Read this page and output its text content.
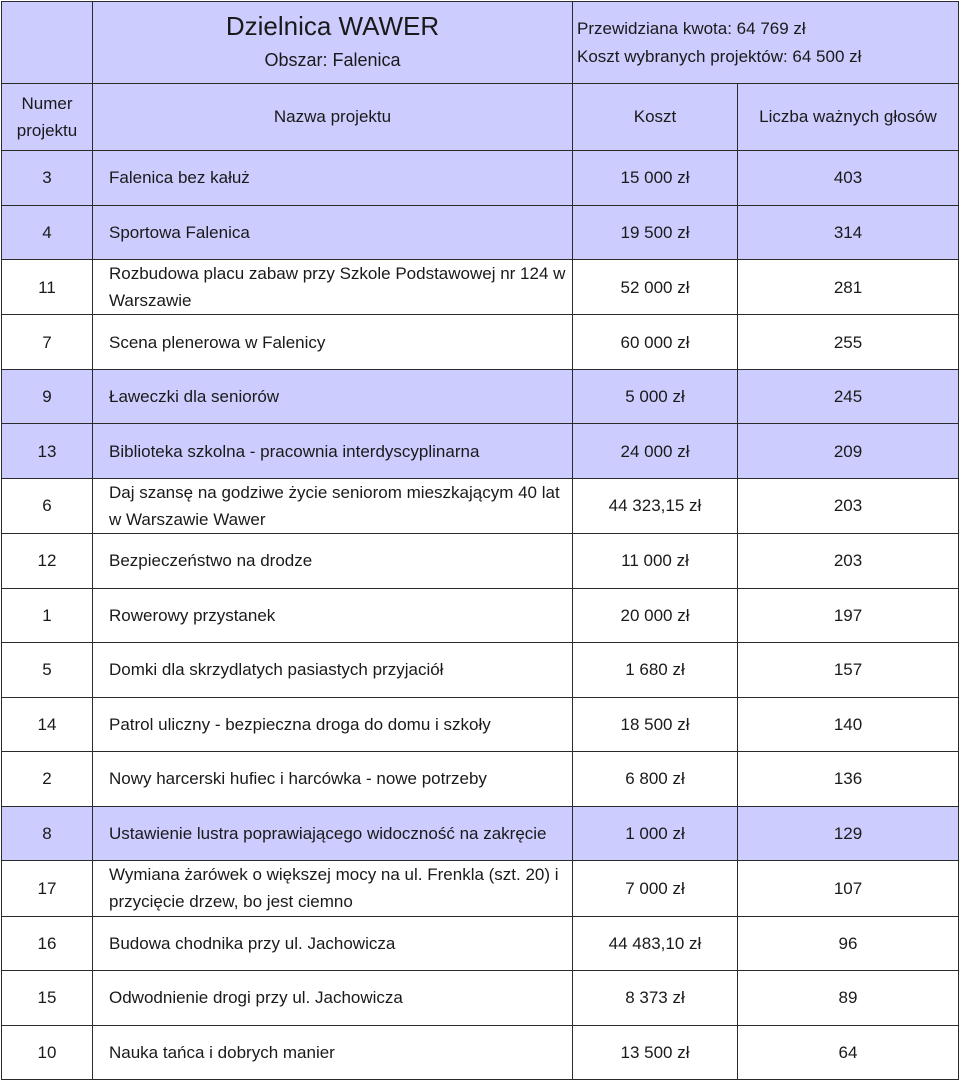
	Dzielnica WAWER
Obszar: Falenica	Przewidziana kwota: 64 769 zł
Koszt wybranych projektów: 64 500 zł	

Numer projektu	Nazwa projektu	Koszt	Liczba ważnych głosów
3	Falenica bez kałuż	15 000 zł	403
4	Sportowa Falenica	19 500 zł	314
11	Rozbudowa placu zabaw przy Szkole Podstawowej nr 124 w Warszawie	52 000 zł	281
7	Scena plenerowa w Falenicy	60 000 zł	255
9	Ławeczki dla seniorów	5 000 zł	245
13	Biblioteka szkolna - pracownia interdyscyplinarna	24 000 zł	209
6	Daj szansę na godziwe życie seniorom mieszkającym 40 lat w Warszawie Wawer	44 323,15 zł	203
12	Bezpieczeństwo na drodze	11 000 zł	203
1	Rowerowy przystanek	20 000 zł	197
5	Domki dla skrzydlatych pasiastych przyjaciół	1 680 zł	157
14	Patrol uliczny - bezpieczna droga do domu i szkoły	18 500 zł	140
2	Nowy harcerski hufiec i harcówka - nowe potrzeby	6 800 zł	136
8	Ustawienie lustra poprawiającego widoczność na zakręcie	1 000 zł	129
17	Wymiana żarówek o większej mocy na ul. Frenkla (szt. 20) i przycięcie drzew, bo jest ciemno	7 000 zł	107
16	Budowa chodnika przy ul. Jachowicza	44 483,10 zł	96
15	Odwodnienie drogi przy ul. Jachowicza	8 373 zł	89
10	Nauka tańca i dobrych manier	13 500 zł	64
